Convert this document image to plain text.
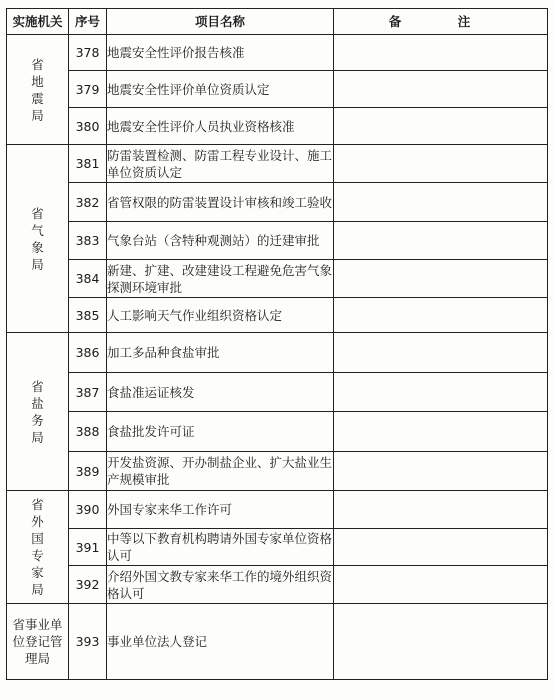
实施机关	序号	项目名称	备　注
省地震局	378	地震安全性评价报告核准	
	379	地震安全性评价单位资质认定	
	380	地震安全性评价人员执业资格核准	
省气象局	381	防雷装置检测、防雷工程专业设计、施工单位资质认定	
	382	省管权限的防雷装置设计审核和竣工验收	
	383	气象台站（含特种观测站）的迁建审批	
	384	新建、扩建、改建建设工程避免危害气象探测环境审批	
	385	人工影响天气作业组织资格认定	
省盐务局	386	加工多品种食盐审批	
	387	食盐准运证核发	
	388	食盐批发许可证	
	389	开发盐资源、开办制盐企业、扩大盐业生产规模审批	
省外国专家局	390	外国专家来华工作许可	
	391	中等以下教育机构聘请外国专家单位资格认可	
	392	介绍外国文教专家来华工作的境外组织资格认可	
省事业单位登记管理局	393	事业单位法人登记	
